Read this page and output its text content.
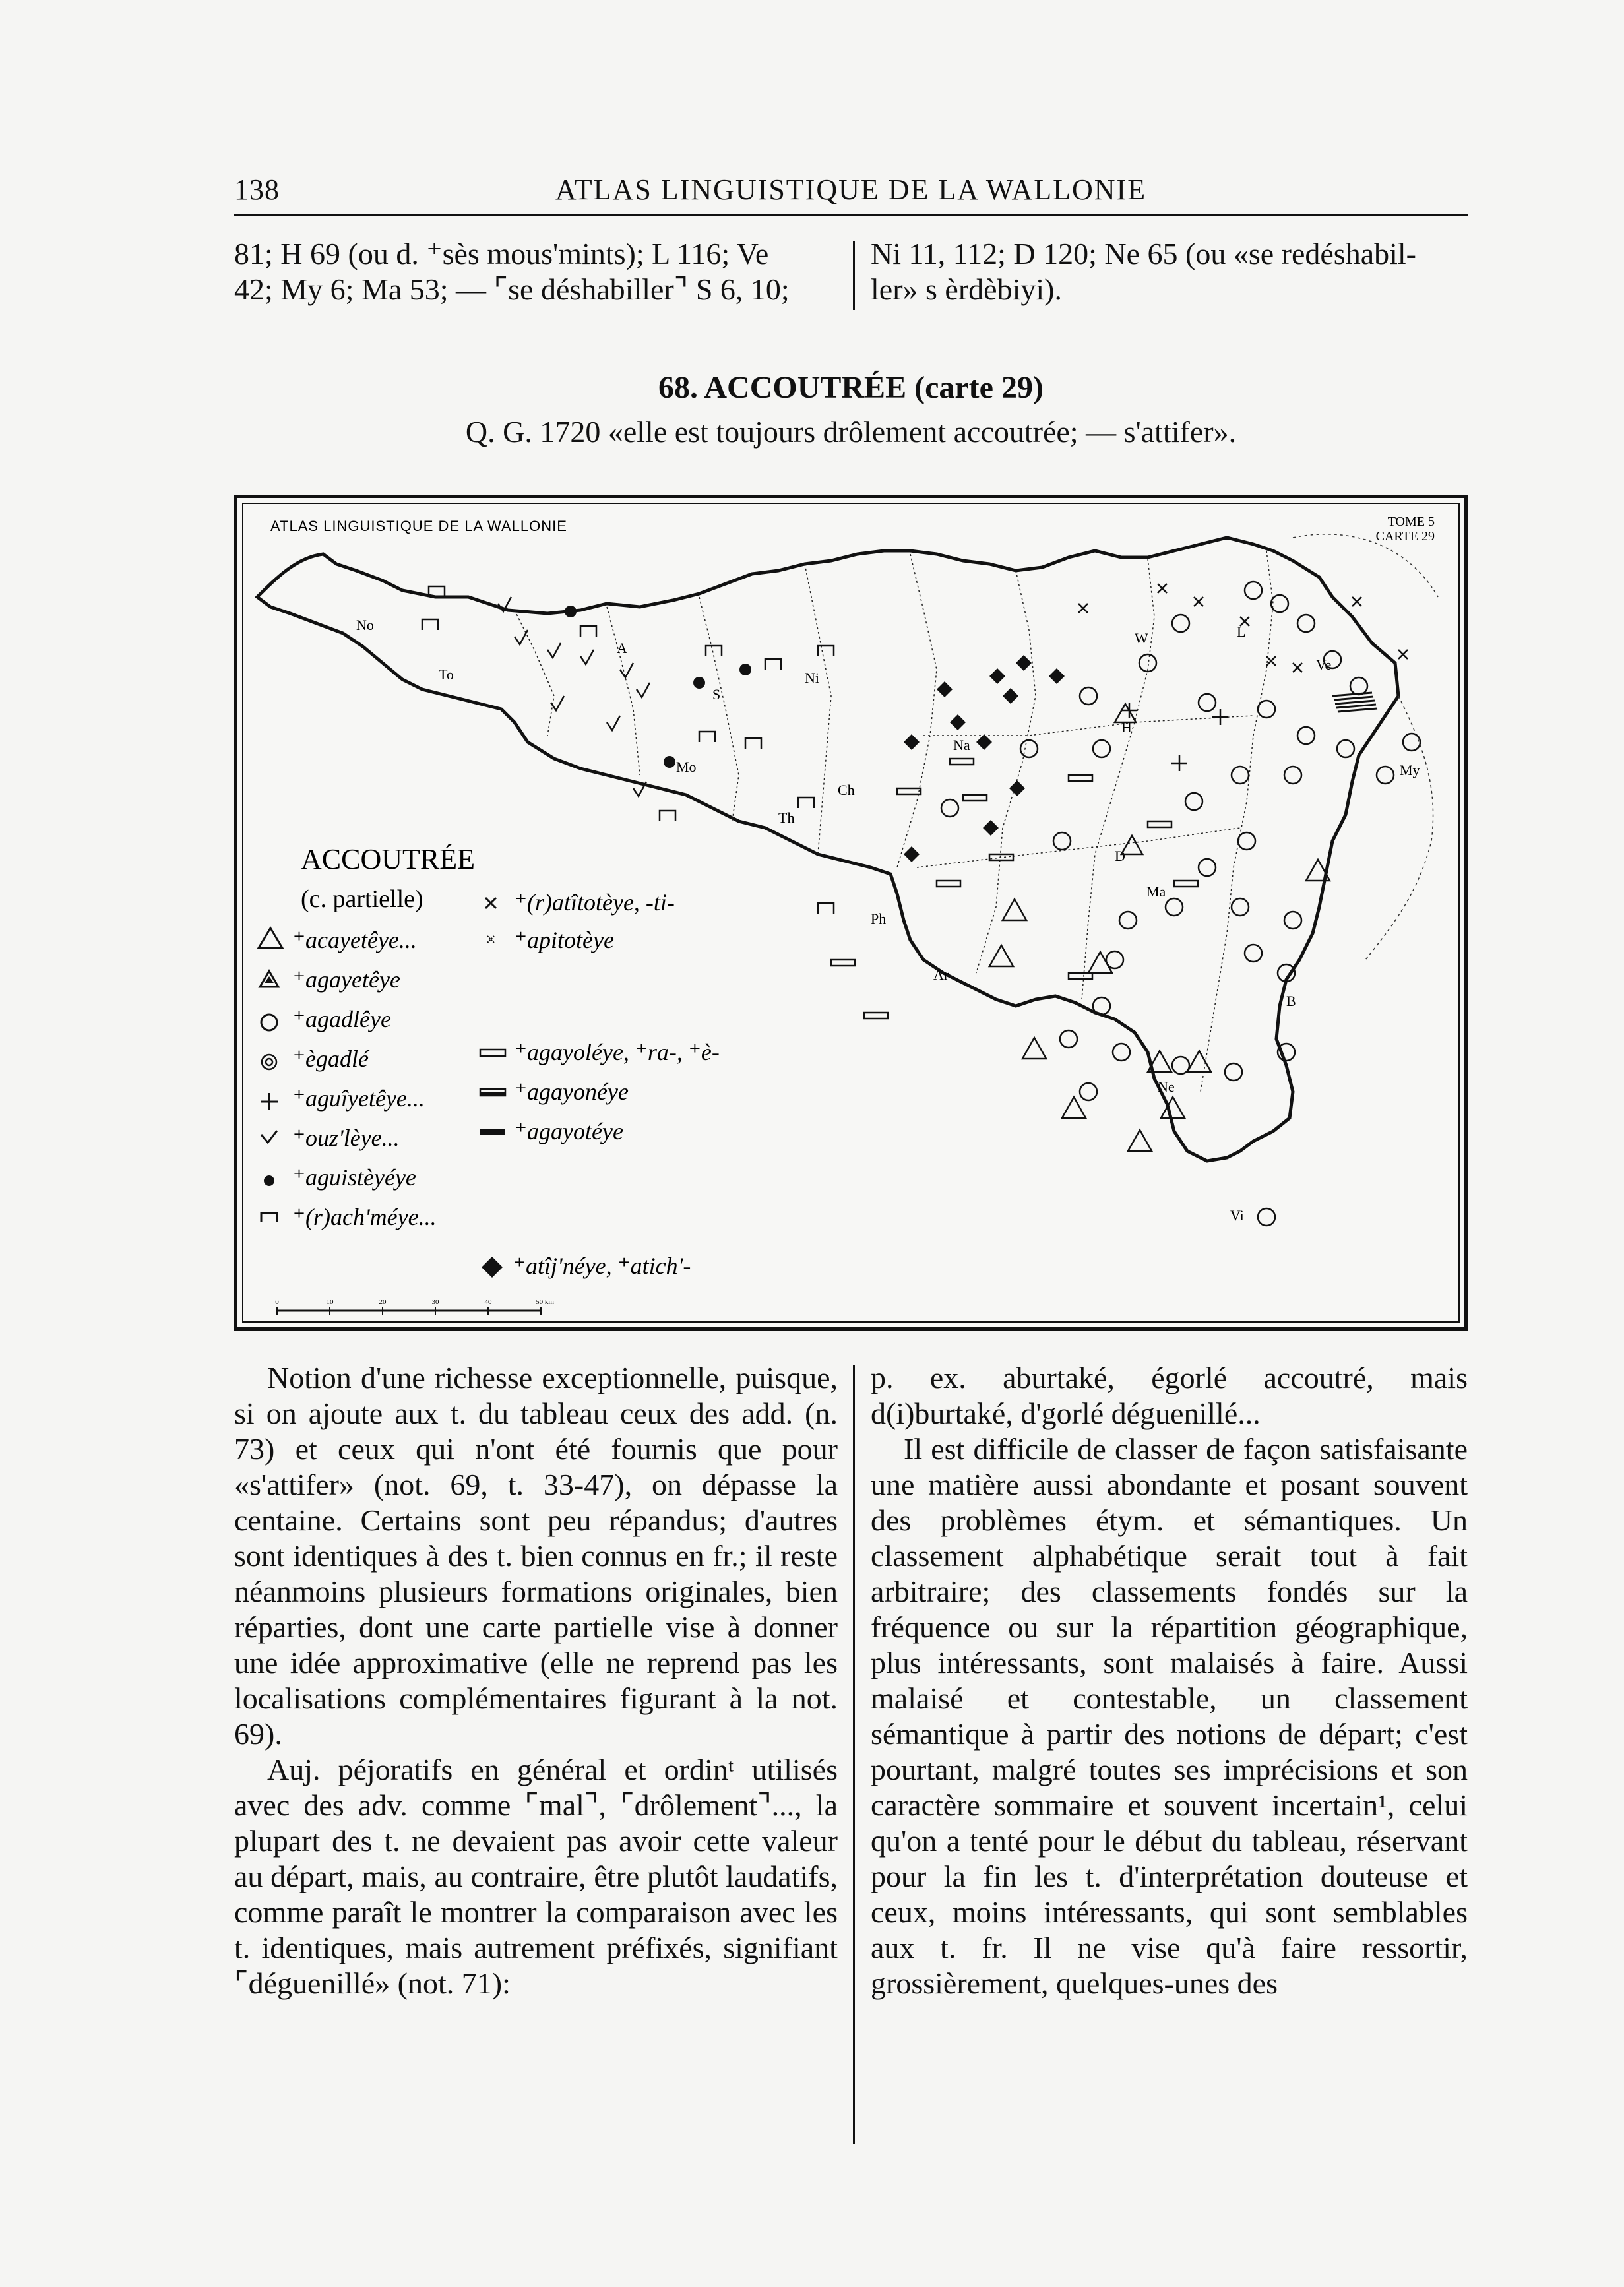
138	ATLAS LINGUISTIQUE DE LA WALLONIE
81; H 69 (ou d. ⁺sès mous'mints); L 116; Ve
42; My 6; Ma 53; — ⌜se déshabiller⌝ S 6, 10;
Ni 11, 112; D 120; Ne 65 (ou «se redéshabil-
ler» s èrdèbiyi).
68. ACCOUTRÉE (carte 29)
Q. G. 1720 «elle est toujours drôlement accoutrée; — s'attifer».
ATLAS LINGUISTIQUE DE LA WALLONIE	TOME 5
CARTE 29
No
To
S
Mo
Ni
Na
Ch
Th
Ph
Ar
W	L
Ve
H
My
D
Ma
B
Ne
Vi
A
ACCOUTRÉE
(c. partielle)
⁺acayetêye...
⁺agayetêye
⁺agadlêye
⁺ègadlé
⁺aguîyetêye...
⁺ouz'lèye...
⁺aguistèyéye
⁺(r)ach'méye...
⁺(r)atîtotèye, -ti-
⁺apitotèye
⁺agayoléye, ⁺ra-, ⁺è-
⁺agayonéye
⁺agayotéye
⁺atîj'néye, ⁺atich'-
0	10	20	30	40	50 km

Notion d'une richesse exceptionnelle, puisque, si on ajoute aux t. du tableau ceux des add. (n. 73) et ceux qui n'ont été fournis que pour «s'attifer» (not. 69, t. 33-47), on dépasse la centaine. Certains sont peu répandus; d'autres sont identiques à des t. bien connus en fr.; il reste néanmoins plusieurs formations originales, bien réparties, dont une carte partielle vise à donner une idée approximative (elle ne reprend pas les localisations complémentaires figurant à la not. 69).

Auj. péjoratifs en général et ordinᵗ utilisés avec des adv. comme ⌜mal⌝, ⌜drôlement⌝..., la plupart des t. ne devaient pas avoir cette valeur au départ, mais, au contraire, être plutôt laudatifs, comme paraît le montrer la comparaison avec les t. identiques, mais autrement préfixés, signifiant ⌜déguenillé» (not. 71):

p. ex. aburtaké, égorlé accoutré, mais d(i)burtaké, d'gorlé déguenillé...

Il est difficile de classer de façon satisfaisante une matière aussi abondante et posant souvent des problèmes étym. et sémantiques. Un classement alphabétique serait tout à fait arbitraire; des classements fondés sur la fréquence ou sur la répartition géographique, plus intéressants, sont malaisés à faire. Aussi malaisé et contestable, un classement sémantique à partir des notions de départ; c'est pourtant, malgré toutes ses imprécisions et son caractère sommaire et souvent incertain¹, celui qu'on a tenté pour le début du tableau, réservant pour la fin les t. d'interprétation douteuse et ceux, moins intéressants, qui sont semblables aux t. fr. Il ne vise qu'à faire ressortir, grossièrement, quelques-unes des
